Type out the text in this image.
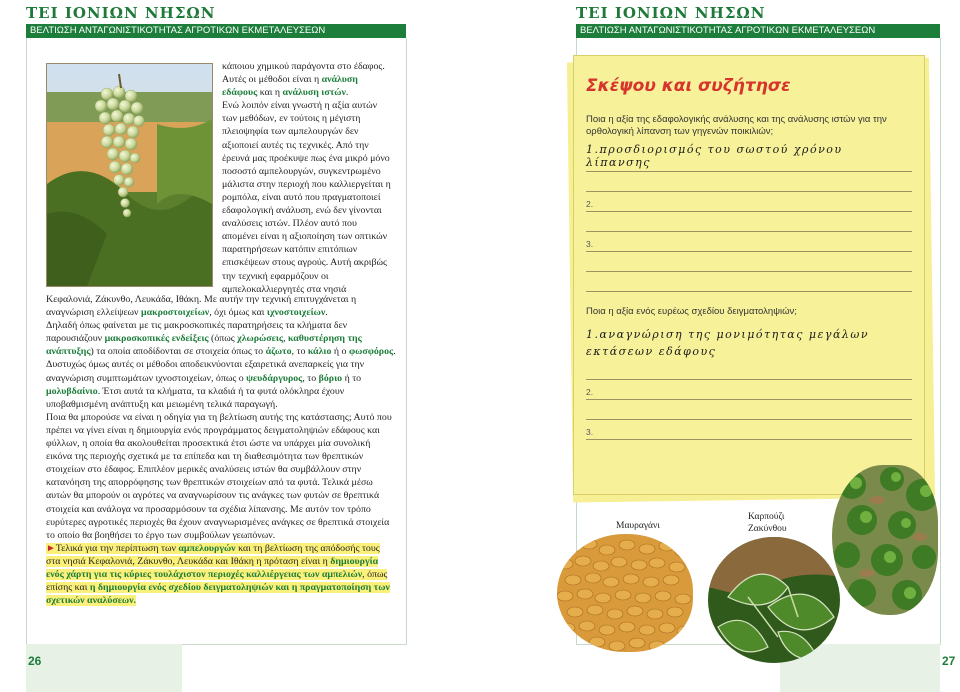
ΤΕΙ ΙΟΝΙΩΝ ΝΗΣΩΝ
ΒΕΛΤΙΩΣΗ ΑΝΤΑΓΩΝΙΣΤΙΚΟΤΗΤΑΣ ΑΓΡΟΤΙΚΩΝ ΕΚΜΕΤΑΛΕΥΣΕΩΝ
26

κάποιου χημικού παράγοντα στο έδαφος. Αυτές οι μέθοδοι είναι η ανάλυση εδάφους και η ανάλυση ιστών.

Ενώ λοιπόν είναι γνωστή η αξία αυτών των μεθόδων, εν τούτοις η μέγιστη πλειοψηφία των αμπελουργών δεν αξιοποιεί αυτές τις τεχνικές. Από την έρευνά μας προέκυψε πως ένα μικρό μόνο ποσοστό αμπελουργών, συγκεντρωμένο μάλιστα στην περιοχή που καλλιεργείται η ρομπόλα, είναι αυτό που πραγματοποιεί εδαφολογική ανάλυση, ενώ δεν γίνονται αναλύσεις ιστών. Πλέον αυτό που απομένει είναι η αξιοποίηση των οπτικών παρατηρήσεων κατόπιν επιτόπιων επισκέψεων στους αγρούς. Αυτή ακριβώς την τεχνική εφαρμόζουν οι αμπελοκαλλιεργητές στα νησιά

Κεφαλονιά, Ζάκυνθο, Λευκάδα, Ιθάκη. Με αυτήν την τεχνική επιτυγχάνεται η αναγνώριση ελλείψεων μακροστοιχείων, όχι όμως και ιχνοστοιχείων.

Δηλαδή όπως φαίνεται με τις μακροσκοπικές παρατηρήσεις τα κλήματα δεν παρουσιάζουν μακροσκοπικές ενδείξεις (όπως χλωρώσεις, καθυστέρηση της ανάπτυξης) τα οποία αποδίδονται σε στοιχεία όπως το άζωτο, το κάλιο ή ο φωσφόρος. Δυστυχώς όμως αυτές οι μέθοδοι αποδεικνύονται εξαιρετικά ανεπαρκείς για την αναγνώριση συμπτωμάτων ιχνοστοιχείων, όπως ο ψευδάργυρος, το βόριο ή το μολυβδαίνιο. Έτσι αυτά τα κλήματα, τα κλαδιά ή τα φυτά ολόκληρα έχουν υποβαθμισμένη ανάπτυξη και μειωμένη τελικά παραγωγή.

Ποια θα μπορούσε να είναι η οδηγία για τη βελτίωση αυτής της κατάστασης; Αυτό που πρέπει να γίνει είναι η δημιουργία ενός προγράμματος δειγματοληψιών εδάφους και φύλλων, η οποία θα ακολουθείται προσεκτικά έτσι ώστε να υπάρχει μία συνολική εικόνα της περιοχής σχετικά με τα επίπεδα και τη διαθεσιμότητα των θρεπτικών στοιχείων στο έδαφος. Επιπλέον μερικές αναλύσεις ιστών θα συμβάλλουν στην κατανόηση της απορρόφησης των θρεπτικών στοιχείων από τα φυτά. Τελικά μέσω αυτών θα μπορούν οι αγρότες να αναγνωρίσουν τις ανάγκες των φυτών σε θρεπτικά στοιχεία και ανάλογα να προσαρμόσουν τα σχέδια λίπανσης. Με αυτόν τον τρόπο ευρύτερες αγροτικές περιοχές θα έχουν αναγνωρισμένες ανάγκες σε θρεπτικά στοιχεία το οποίο θα βοηθήσει το έργο των συμβούλων γεωπόνων.

►Τελικά για την περίπτωση των αμπελουργών και τη βελτίωση της απόδοσής τους στα νησιά Κεφαλονιά, Ζάκυνθο, Λευκάδα και Ιθάκη η πρόταση είναι η δημιουργία ενός χάρτη για τις κύριες τουλάχιστον περιοχές καλλιέργειας των αμπελιών, όπως επίσης και η δημιουργία ενός σχεδίου δειγματοληψιών και η πραγματοποίηση των σχετικών αναλύσεων.

ΤΕΙ ΙΟΝΙΩΝ ΝΗΣΩΝ
ΒΕΛΤΙΩΣΗ ΑΝΤΑΓΩΝΙΣΤΙΚΟΤΗΤΑΣ ΑΓΡΟΤΙΚΩΝ ΕΚΜΕΤΑΛΕΥΣΕΩΝ
27
Σκέψου και συζήτησε
Ποια η αξία της εδαφολογικής ανάλυσης και της ανάλυσης ιστών για την ορθολογική λίπανση των γηγενών ποικιλιών;
1.προσδιορισμός του σωστού χρόνου λίπανσης
2.
3.
Ποια η αξία ενός ευρέως σχεδίου δειγματοληψιών;
1.αναγνώριση της μονιμότητας μεγάλων εκτάσεων εδάφους
2.
3.
Μαυραγάνι
Καρπούζι Ζακύνθου
